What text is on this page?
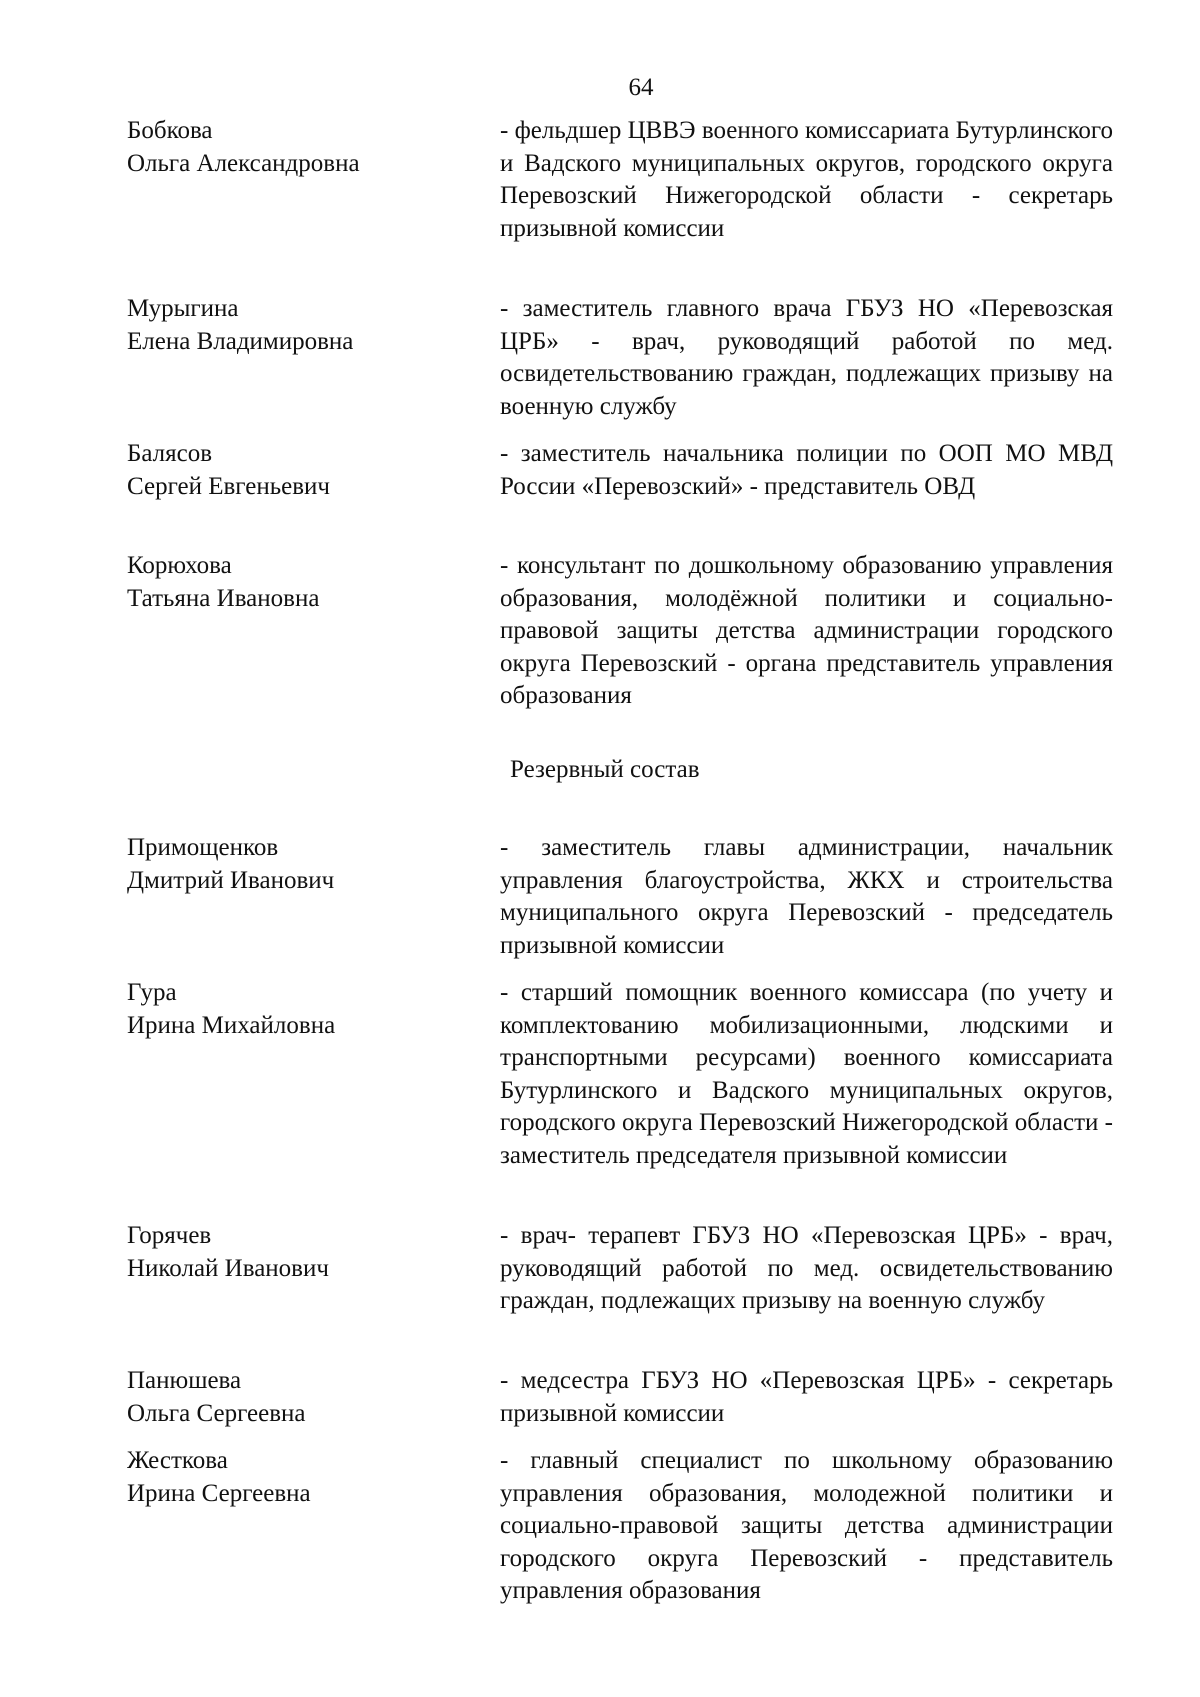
64
Бобкова
Ольга Александровна
- фельдшер ЦВВЭ военного комиссариата Бутурлинского и Вадского муниципальных округов, городского округа Перевозский Нижегородской области - секретарь призывной комиссии
Мурыгина
Елена Владимировна
- заместитель главного врача ГБУЗ НО «Перевозская ЦРБ» - врач, руководящий работой по мед. освидетельствованию граждан, подлежащих призыву на военную службу
Балясов
Сергей Евгеньевич
- заместитель начальника полиции по ООП МО МВД России «Перевозский» - представитель ОВД
Корюхова
Татьяна Ивановна
- консультант по дошкольному образованию управления образования, молодёжной политики и социально-правовой защиты детства администрации городского округа Перевозский - органа представитель управления образования
Резервный состав
Примощенков
Дмитрий Иванович
- заместитель главы администрации, начальник управления благоустройства, ЖКХ и строительства муниципального округа Перевозский - председатель призывной комиссии
Гура
Ирина Михайловна
- старший помощник военного комиссара (по учету и комплектованию мобилизационными, людскими и транспортными ресурсами) военного комиссариата Бутурлинского и Вадского муниципальных округов, городского округа Перевозский Нижегородской области - заместитель председателя призывной комиссии
Горячев
Николай Иванович
- врач- терапевт ГБУЗ НО «Перевозская ЦРБ» - врач, руководящий работой по мед. освидетельствованию граждан, подлежащих призыву на военную службу
Панюшева
Ольга Сергеевна
- медсестра ГБУЗ НО «Перевозская ЦРБ» - секретарь призывной комиссии
Жесткова
Ирина Сергеевна
- главный специалист по школьному образованию управления образования, молодежной политики и социально-правовой защиты детства администрации городского округа Перевозский - представитель управления образования
